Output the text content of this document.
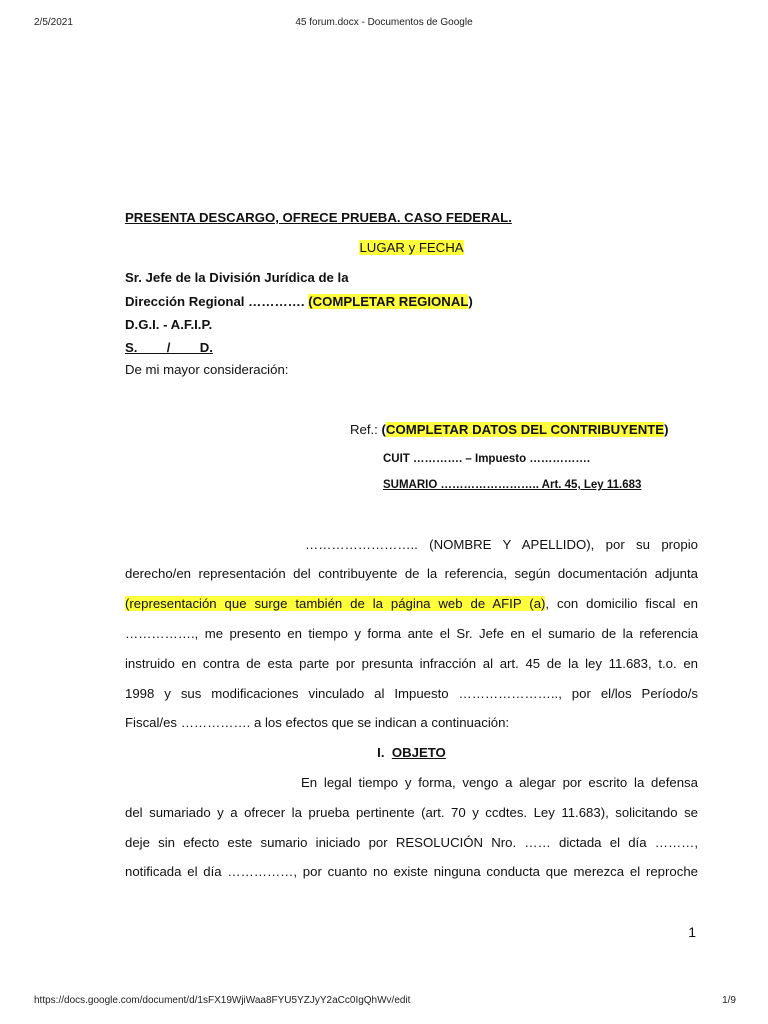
2/5/2021	45 forum.docx - Documentos de Google
PRESENTA DESCARGO, OFRECE PRUEBA. CASO FEDERAL.
LUGAR y FECHA
Sr. Jefe de la División Jurídica de la
Dirección Regional …………. (COMPLETAR REGIONAL)
D.G.I. - A.F.I.P.
S.        /        D.
De mi mayor consideración:
Ref.: (COMPLETAR DATOS DEL CONTRIBUYENTE)
CUIT …………. – Impuesto …………….
SUMARIO …………………….. Art. 45, Ley 11.683
…………………….. (NOMBRE Y APELLIDO), por su propio
derecho/en representación del contribuyente de la referencia, según documentación adjunta
(representación que surge también de la página web de AFIP (a), con domicilio fiscal en
……………., me presento en tiempo y forma ante el Sr. Jefe en el sumario de la referencia
instruido en contra de esta parte por presunta infracción al art. 45 de la ley 11.683, t.o. en
1998 y sus modificaciones vinculado al Impuesto ………………….., por el/los Período/s
Fiscal/es ……………. a los efectos que se indican a continuación:
I. OBJETO
En legal tiempo y forma, vengo a alegar por escrito la defensa
del sumariado y a ofrecer la prueba pertinente (art. 70 y ccdtes. Ley 11.683), solicitando se
deje sin efecto este sumario iniciado por RESOLUCIÓN Nro. …… dictada el día ………,
notificada el día ……………, por cuanto no existe ninguna conducta que merezca el reproche
1
https://docs.google.com/document/d/1sFX19WjiWaa8FYU5YZJyY2aCc0IgQhWv/edit	1/9
